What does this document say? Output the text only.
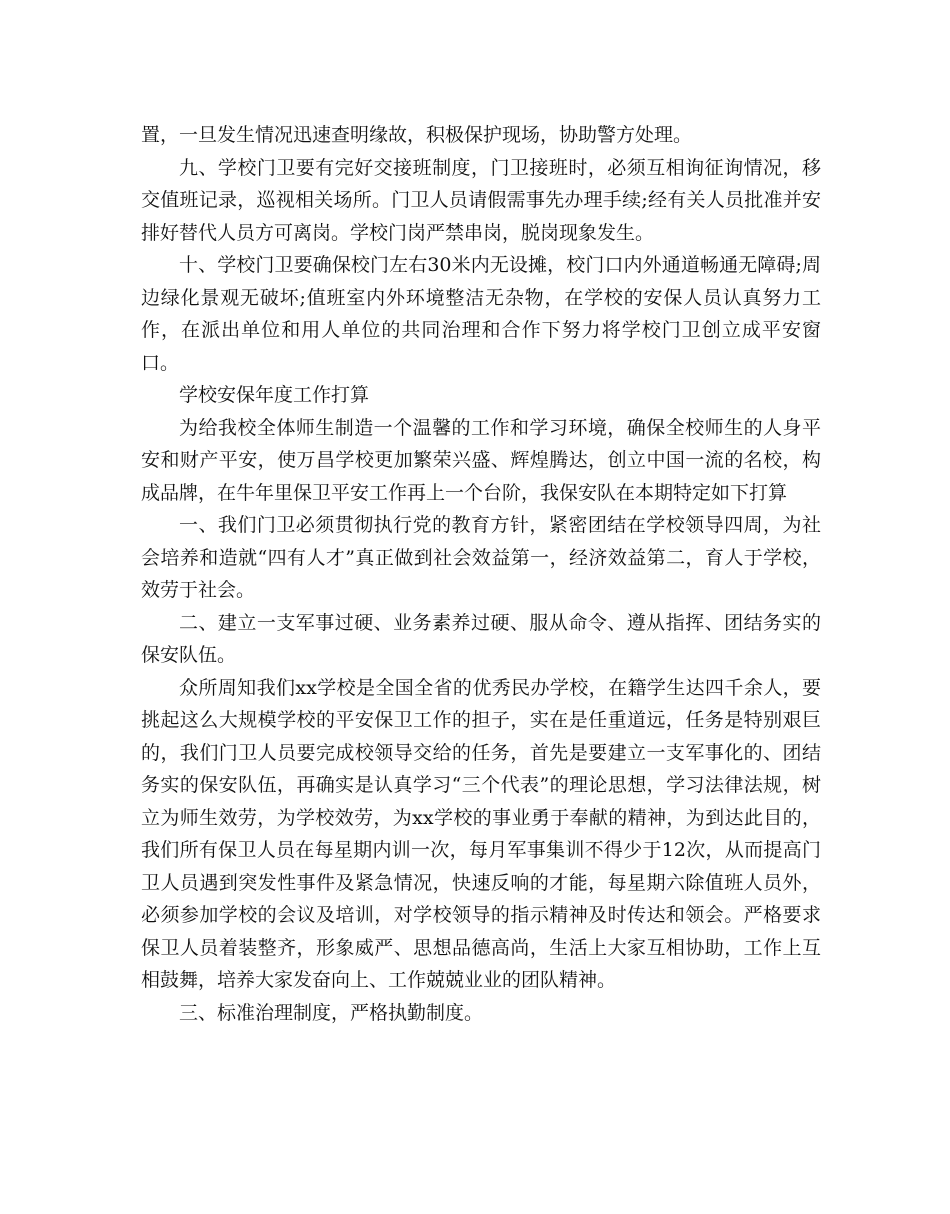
置，一旦发生情况迅速查明缘故，积极保护现场，协助警方处理。

九、学校门卫要有完好交接班制度，门卫接班时，必须互相询征询情况，移交值班记录，巡视相关场所。门卫人员请假需事先办理手续;经有关人员批准并安排好替代人员方可离岗。学校门岗严禁串岗，脱岗现象发生。

十、学校门卫要确保校门左右30米内无设摊，校门口内外通道畅通无障碍;周边绿化景观无破坏;值班室内外环境整洁无杂物，在学校的安保人员认真努力工作，在派出单位和用人单位的共同治理和合作下努力将学校门卫创立成平安窗口。

学校安保年度工作打算

为给我校全体师生制造一个温馨的工作和学习环境，确保全校师生的人身平安和财产平安，使万昌学校更加繁荣兴盛、辉煌腾达，创立中国一流的名校，构成品牌，在牛年里保卫平安工作再上一个台阶，我保安队在本期特定如下打算

一、我们门卫必须贯彻执行党的教育方针，紧密团结在学校领导四周，为社会培养和造就“四有人才”真正做到社会效益第一，经济效益第二，育人于学校，效劳于社会。

二、建立一支军事过硬、业务素养过硬、服从命令、遵从指挥、团结务实的保安队伍。

众所周知我们xx学校是全国全省的优秀民办学校，在籍学生达四千余人，要挑起这么大规模学校的平安保卫工作的担子，实在是任重道远，任务是特别艰巨的，我们门卫人员要完成校领导交给的任务，首先是要建立一支军事化的、团结务实的保安队伍，再确实是认真学习“三个代表”的理论思想，学习法律法规，树立为师生效劳，为学校效劳，为xx学校的事业勇于奉献的精神，为到达此目的，我们所有保卫人员在每星期内训一次，每月军事集训不得少于12次，从而提高门卫人员遇到突发性事件及紧急情况，快速反响的才能，每星期六除值班人员外，必须参加学校的会议及培训，对学校领导的指示精神及时传达和领会。严格要求保卫人员着装整齐，形象威严、思想品德高尚，生活上大家互相协助，工作上互相鼓舞，培养大家发奋向上、工作兢兢业业的团队精神。

三、标准治理制度，严格执勤制度。
